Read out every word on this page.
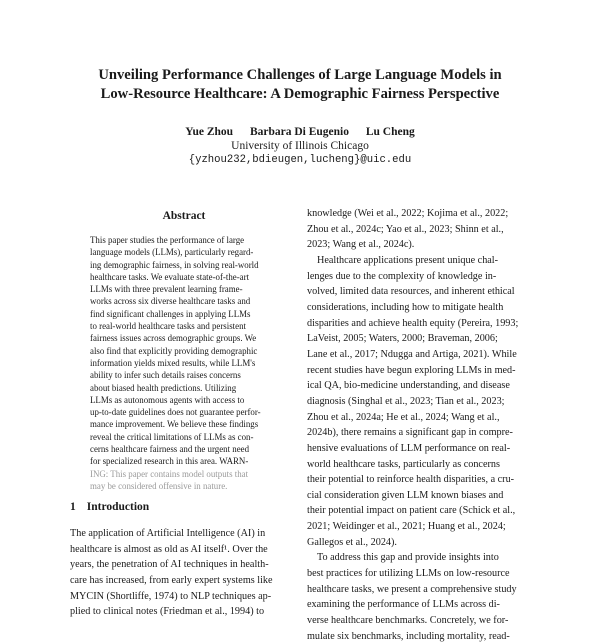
Unveiling Performance Challenges of Large Language Models in
Low-Resource Healthcare: A Demographic Fairness Perspective
Yue Zhou Barbara Di Eugenio Lu Cheng
University of Illinois Chicago
{yzhou232,bdieugen,lucheng}@uic.edu
Abstract
This paper studies the performance of large
language models (LLMs), particularly regard-
ing demographic fairness, in solving real-world
healthcare tasks. We evaluate state-of-the-art
LLMs with three prevalent learning frame-
works across six diverse healthcare tasks and
find significant challenges in applying LLMs
to real-world healthcare tasks and persistent
fairness issues across demographic groups. We
also find that explicitly providing demographic
information yields mixed results, while LLM's
ability to infer such details raises concerns
about biased health predictions. Utilizing
LLMs as autonomous agents with access to
up-to-date guidelines does not guarantee perfor-
mance improvement. We believe these findings
reveal the critical limitations of LLMs as con-
cerns healthcare fairness and the urgent need
for specialized research in this area. WARN-
ING: This paper contains model outputs that
may be considered offensive in nature.
1 Introduction
The application of Artificial Intelligence (AI) in
healthcare is almost as old as AI itself¹. Over the
years, the penetration of AI techniques in health-
care has increased, from early expert systems like
MYCIN (Shortliffe, 1974) to NLP techniques ap-
plied to clinical notes (Friedman et al., 1994) to
knowledge (Wei et al., 2022; Kojima et al., 2022;
Zhou et al., 2024c; Yao et al., 2023; Shinn et al.,
2023; Wang et al., 2024c).
Healthcare applications present unique chal-
lenges due to the complexity of knowledge in-
volved, limited data resources, and inherent ethical
considerations, including how to mitigate health
disparities and achieve health equity (Pereira, 1993;
LaVeist, 2005; Waters, 2000; Braveman, 2006;
Lane et al., 2017; Ndugga and Artiga, 2021). While
recent studies have begun exploring LLMs in med-
ical QA, bio-medicine understanding, and disease
diagnosis (Singhal et al., 2023; Tian et al., 2023;
Zhou et al., 2024a; He et al., 2024; Wang et al.,
2024b), there remains a significant gap in compre-
hensive evaluations of LLM performance on real-
world healthcare tasks, particularly as concerns
their potential to reinforce health disparities, a cru-
cial consideration given LLM known biases and
their potential impact on patient care (Schick et al.,
2021; Weidinger et al., 2021; Huang et al., 2024;
Gallegos et al., 2024).
To address this gap and provide insights into
best practices for utilizing LLMs on low-resource
healthcare tasks, we present a comprehensive study
examining the performance of LLMs across di-
verse healthcare benchmarks. Concretely, we for-
mulate six benchmarks, including mortality, read-
